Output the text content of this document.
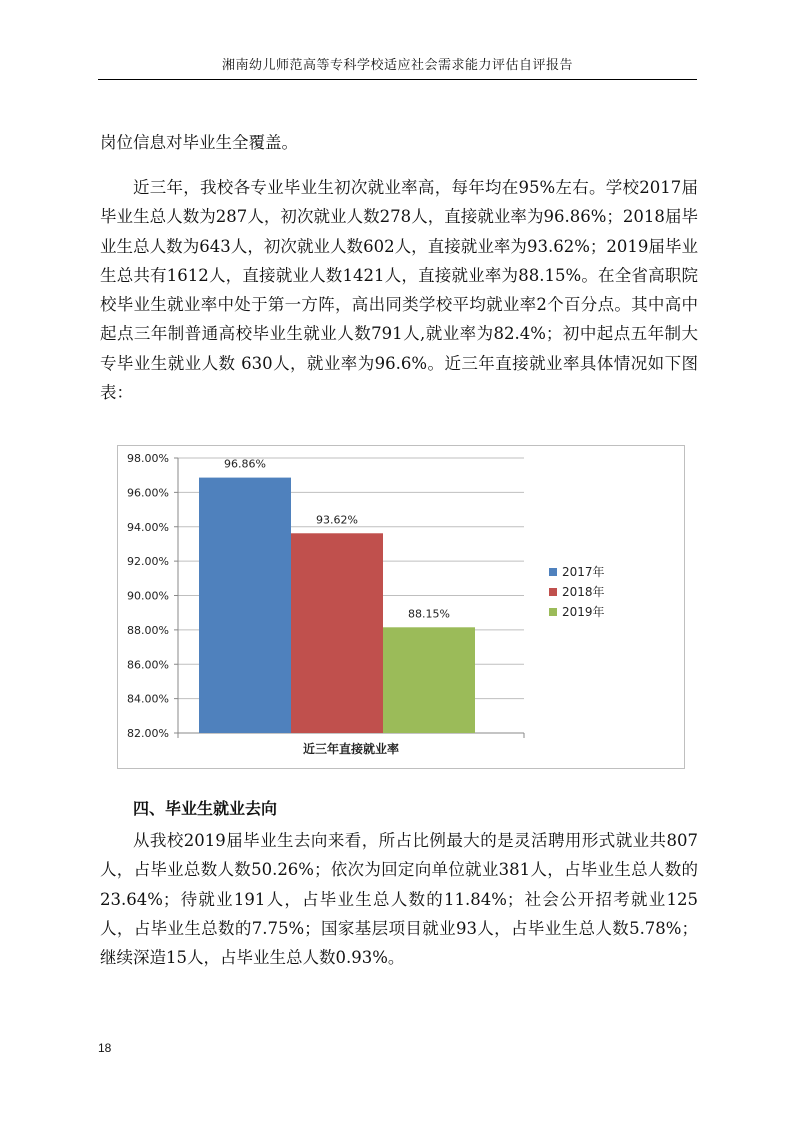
湘南幼儿师范高等专科学校适应社会需求能力评估自评报告
岗位信息对毕业生全覆盖。
近三年，我校各专业毕业生初次就业率高，每年均在95%左右。学校2017届毕业生总人数为287人，初次就业人数278人，直接就业率为96.86%；2018届毕业生总人数为643人，初次就业人数602人，直接就业率为93.62%；2019届毕业生总共有1612人，直接就业人数1421人，直接就业率为88.15%。在全省高职院校毕业生就业率中处于第一方阵，高出同类学校平均就业率2个百分点。其中高中起点三年制普通高校毕业生就业人数791人,就业率为82.4%；初中起点五年制大专毕业生就业人数 630人，就业率为96.6%。近三年直接就业率具体情况如下图表：
82.00%
84.00%
86.00%
88.00%
90.00%
92.00%
94.00%
96.00%
98.00%	96.86%
93.62%
88.15%
近三年直接就业率
2017年
2018年
2019年
四、毕业生就业去向
从我校2019届毕业生去向来看，所占比例最大的是灵活聘用形式就业共807人，占毕业总数人数50.26%；依次为回定向单位就业381人，占毕业生总人数的23.64%；待就业191人，占毕业生总人数的11.84%；社会公开招考就业125人，占毕业生总数的7.75%；国家基层项目就业93人，占毕业生总人数5.78%；继续深造15人，占毕业生总人数0.93%。
18
